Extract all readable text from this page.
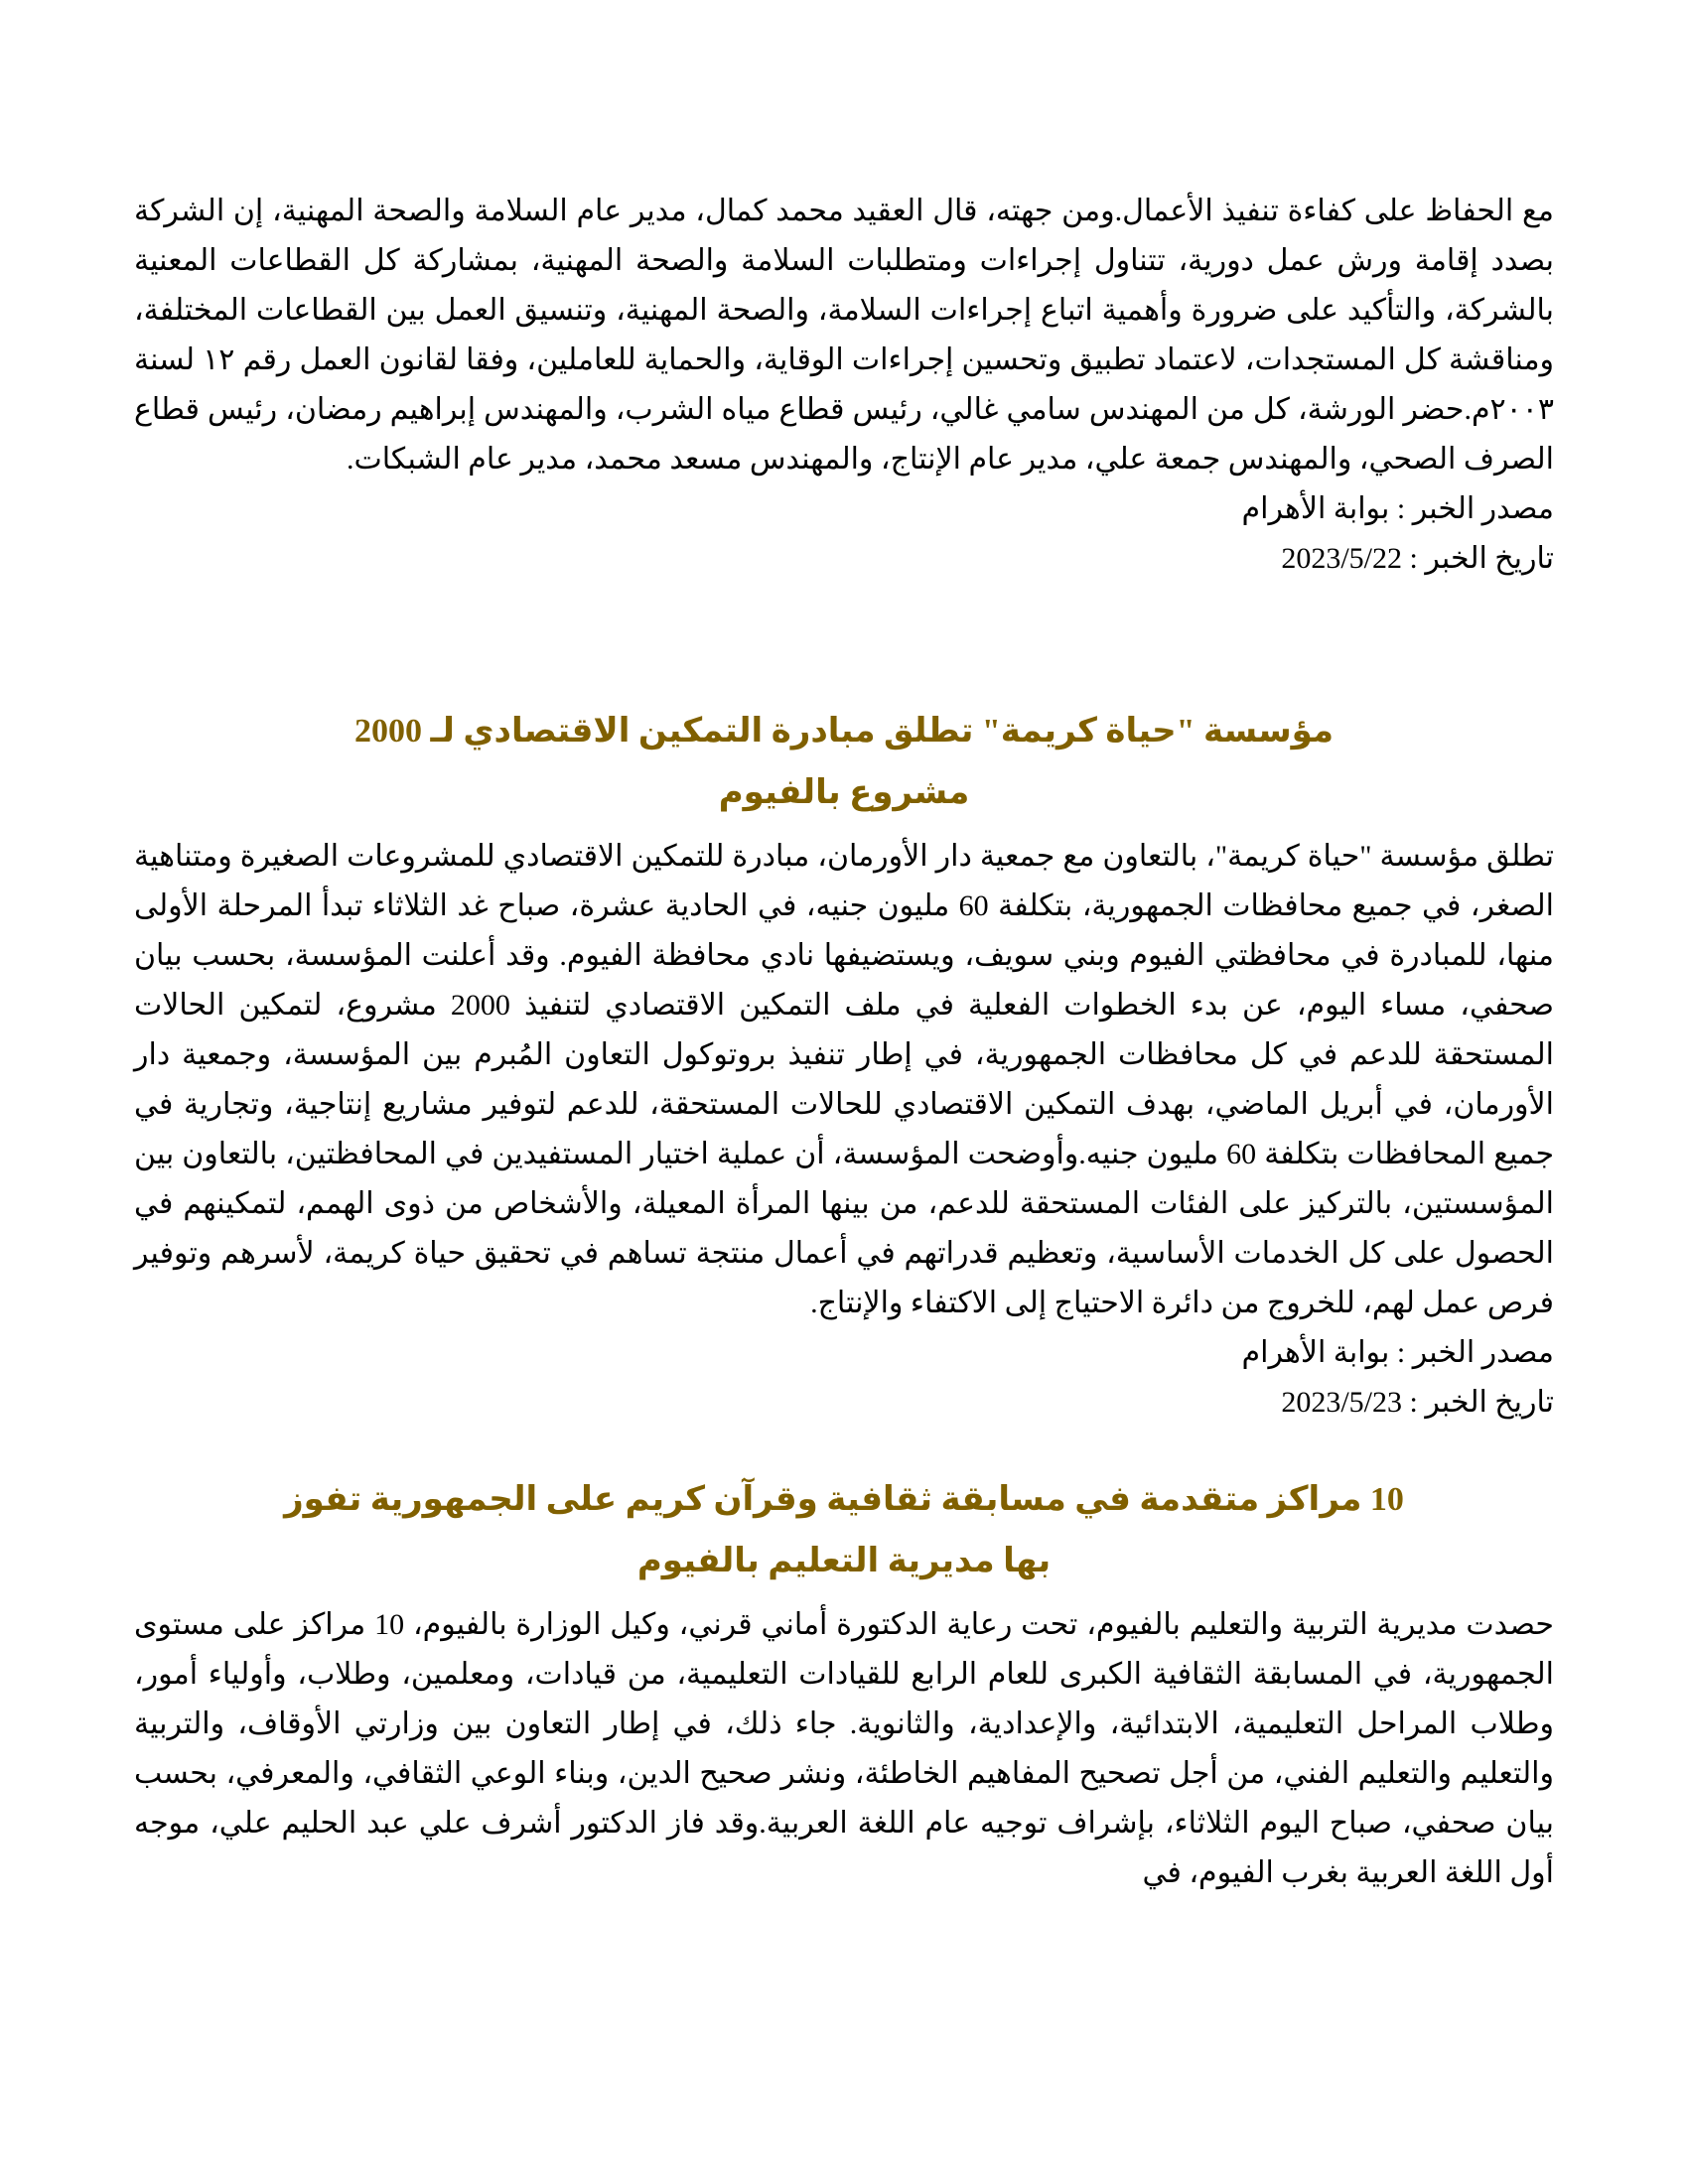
مع الحفاظ على كفاءة تنفيذ الأعمال.ومن جهته، قال العقيد محمد كمال، مدير عام السلامة والصحة المهنية، إن الشركة بصدد إقامة ورش عمل دورية، تتناول إجراءات ومتطلبات السلامة والصحة المهنية، بمشاركة كل القطاعات المعنية بالشركة، والتأكيد على ضرورة وأهمية اتباع إجراءات السلامة، والصحة المهنية، وتنسيق العمل بين القطاعات المختلفة، ومناقشة كل المستجدات، لاعتماد تطبيق وتحسين إجراءات الوقاية، والحماية للعاملين، وفقا لقانون العمل رقم ١٢ لسنة ٢٠٠٣م.حضر الورشة، كل من المهندس سامي غالي، رئيس قطاع مياه الشرب، والمهندس إبراهيم رمضان، رئيس قطاع الصرف الصحي، والمهندس جمعة علي، مدير عام الإنتاج، والمهندس مسعد محمد، مدير عام الشبكات.

مصدر الخبر : بوابة الأهرام
تاريخ الخبر : 2023/5/22
مؤسسة "حياة كريمة" تطلق مبادرة التمكين الاقتصادي لـ 2000 مشروع بالفيوم

تطلق مؤسسة "حياة كريمة"، بالتعاون مع جمعية دار الأورمان، مبادرة للتمكين الاقتصادي للمشروعات الصغيرة ومتناهية الصغر، في جميع محافظات الجمهورية، بتكلفة 60 مليون جنيه، في الحادية عشرة، صباح غد الثلاثاء تبدأ المرحلة الأولى منها، للمبادرة في محافظتي الفيوم وبني سويف، ويستضيفها نادي محافظة الفيوم. وقد أعلنت المؤسسة، بحسب بيان صحفي، مساء اليوم، عن بدء الخطوات الفعلية في ملف التمكين الاقتصادي لتنفيذ 2000 مشروع، لتمكين الحالات المستحقة للدعم في كل محافظات الجمهورية، في إطار تنفيذ بروتوكول التعاون المُبرم بين المؤسسة، وجمعية دار الأورمان، في أبريل الماضي، بهدف التمكين الاقتصادي للحالات المستحقة، للدعم لتوفير مشاريع إنتاجية، وتجارية في جميع المحافظات بتكلفة 60 مليون جنيه.وأوضحت المؤسسة، أن عملية اختيار المستفيدين في المحافظتين، بالتعاون بين المؤسستين، بالتركيز على الفئات المستحقة للدعم، من بينها المرأة المعيلة، والأشخاص من ذوى الهمم، لتمكينهم في الحصول على كل الخدمات الأساسية، وتعظيم قدراتهم في أعمال منتجة تساهم في تحقيق حياة كريمة، لأسرهم وتوفير فرص عمل لهم، للخروج من دائرة الاحتياج إلى الاكتفاء والإنتاج.

مصدر الخبر : بوابة الأهرام
تاريخ الخبر : 2023/5/23
10 مراكز متقدمة في مسابقة ثقافية وقرآن كريم على الجمهورية تفوز بها مديرية التعليم بالفيوم

حصدت مديرية التربية والتعليم بالفيوم، تحت رعاية الدكتورة أماني قرني، وكيل الوزارة بالفيوم، 10 مراكز على مستوى الجمهورية، في المسابقة الثقافية الكبرى للعام الرابع للقيادات التعليمية، من قيادات، ومعلمين، وطلاب، وأولياء أمور، وطلاب المراحل التعليمية، الابتدائية، والإعدادية، والثانوية. جاء ذلك، في إطار التعاون بين وزارتي الأوقاف، والتربية والتعليم والتعليم الفني، من أجل تصحيح المفاهيم الخاطئة، ونشر صحيح الدين، وبناء الوعي الثقافي، والمعرفي، بحسب بيان صحفي، صباح اليوم الثلاثاء، بإشراف توجيه عام اللغة العربية.وقد فاز الدكتور أشرف علي عبد الحليم علي، موجه أول اللغة العربية بغرب الفيوم، في
